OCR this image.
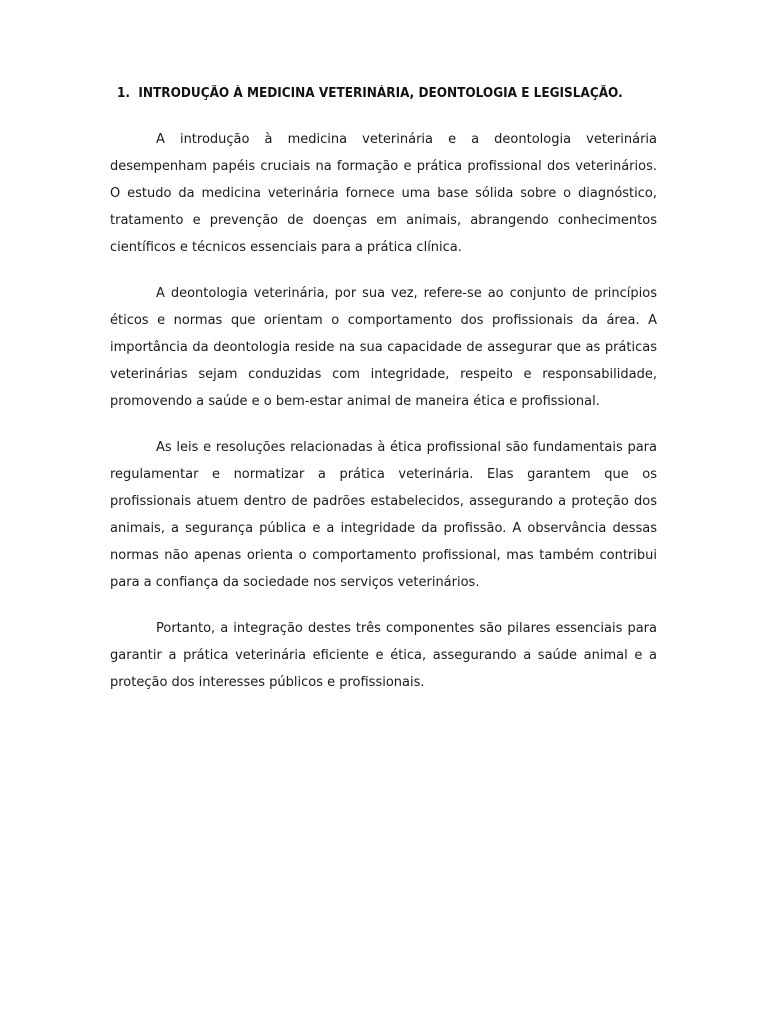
1. INTRODUÇÃO À MEDICINA VETERINÁRIA, DEONTOLOGIA E LEGISLAÇÃO.

A introdução à medicina veterinária e a deontologia veterinária desempenham papéis cruciais na formação e prática profissional dos veterinários. O estudo da medicina veterinária fornece uma base sólida sobre o diagnóstico, tratamento e prevenção de doenças em animais, abrangendo conhecimentos científicos e técnicos essenciais para a prática clínica.

A deontologia veterinária, por sua vez, refere-se ao conjunto de princípios éticos e normas que orientam o comportamento dos profissionais da área. A importância da deontologia reside na sua capacidade de assegurar que as práticas veterinárias sejam conduzidas com integridade, respeito e responsabilidade, promovendo a saúde e o bem-estar animal de maneira ética e profissional.

As leis e resoluções relacionadas à ética profissional são fundamentais para regulamentar e normatizar a prática veterinária. Elas garantem que os profissionais atuem dentro de padrões estabelecidos, assegurando a proteção dos animais, a segurança pública e a integridade da profissão. A observância dessas normas não apenas orienta o comportamento profissional, mas também contribui para a confiança da sociedade nos serviços veterinários.

Portanto, a integração destes três componentes são pilares essenciais para garantir a prática veterinária eficiente e ética, assegurando a saúde animal e a proteção dos interesses públicos e profissionais.
